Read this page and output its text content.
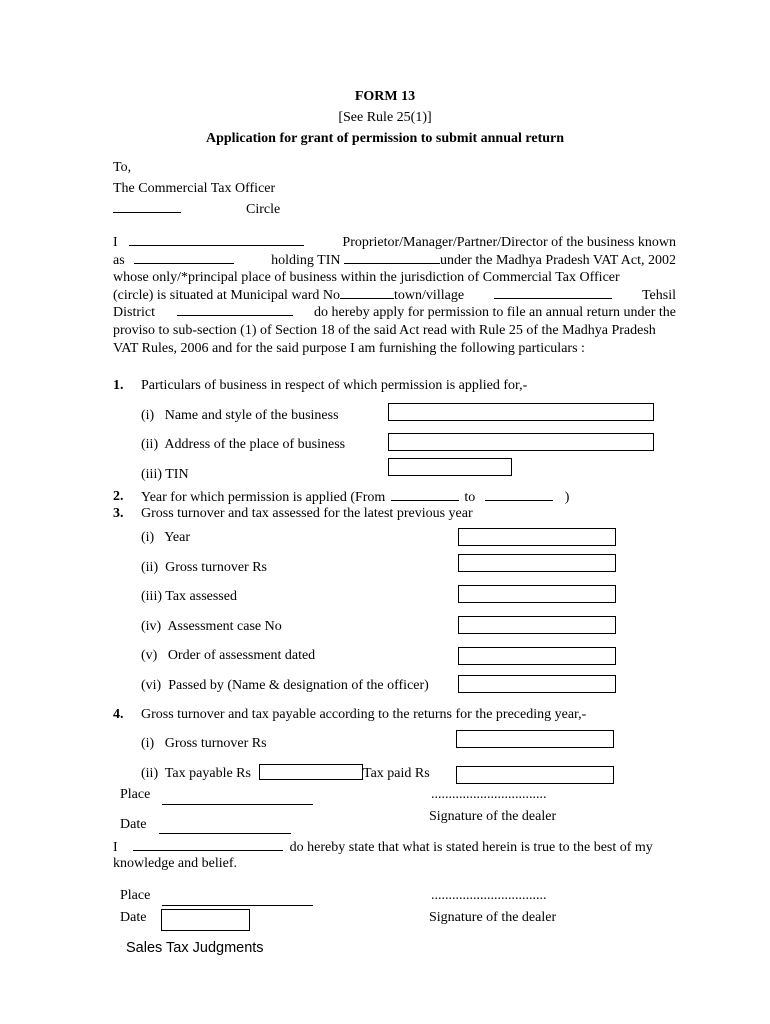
FORM 13
[See Rule 25(1)]
Application for grant of permission to submit annual return
To,
The Commercial Tax Officer
Circle
I	Proprietor/Manager/Partner/Director of the business known
as	holding TIN	under the Madhya Pradesh VAT Act, 2002
whose only/*principal place of business within the jurisdiction of Commercial Tax Officer
(circle) is situated at Municipal ward No	town/village	Tehsil
District	do hereby apply for permission to file an annual return under the
proviso to sub-section (1) of Section 18 of the said Act read with Rule 25 of the Madhya Pradesh
VAT Rules, 2006 and for the said purpose I am furnishing the following particulars :
1. Particulars of business in respect of which permission is applied for,-
(i)   Name and style of the business
(ii)  Address of the place of business
(iii) TIN
2. Year for which permission is applied (From	to	)
3. Gross turnover and tax assessed for the latest previous year
(i)   Year
(ii)  Gross turnover Rs
(iii) Tax assessed
(iv)  Assessment case No
(v)   Order of assessment dated
(vi)  Passed by (Name & designation of the officer)
4. Gross turnover and tax payable according to the returns for the preceding year,-
(i)   Gross turnover Rs
(ii)  Tax payable Rs	Tax paid Rs
Place	.................................
Signature of the dealer
Date
I	do hereby state that what is stated herein is true to the best of my
knowledge and belief.
Place	.................................
Date	Signature of the dealer
Sales Tax Judgments
